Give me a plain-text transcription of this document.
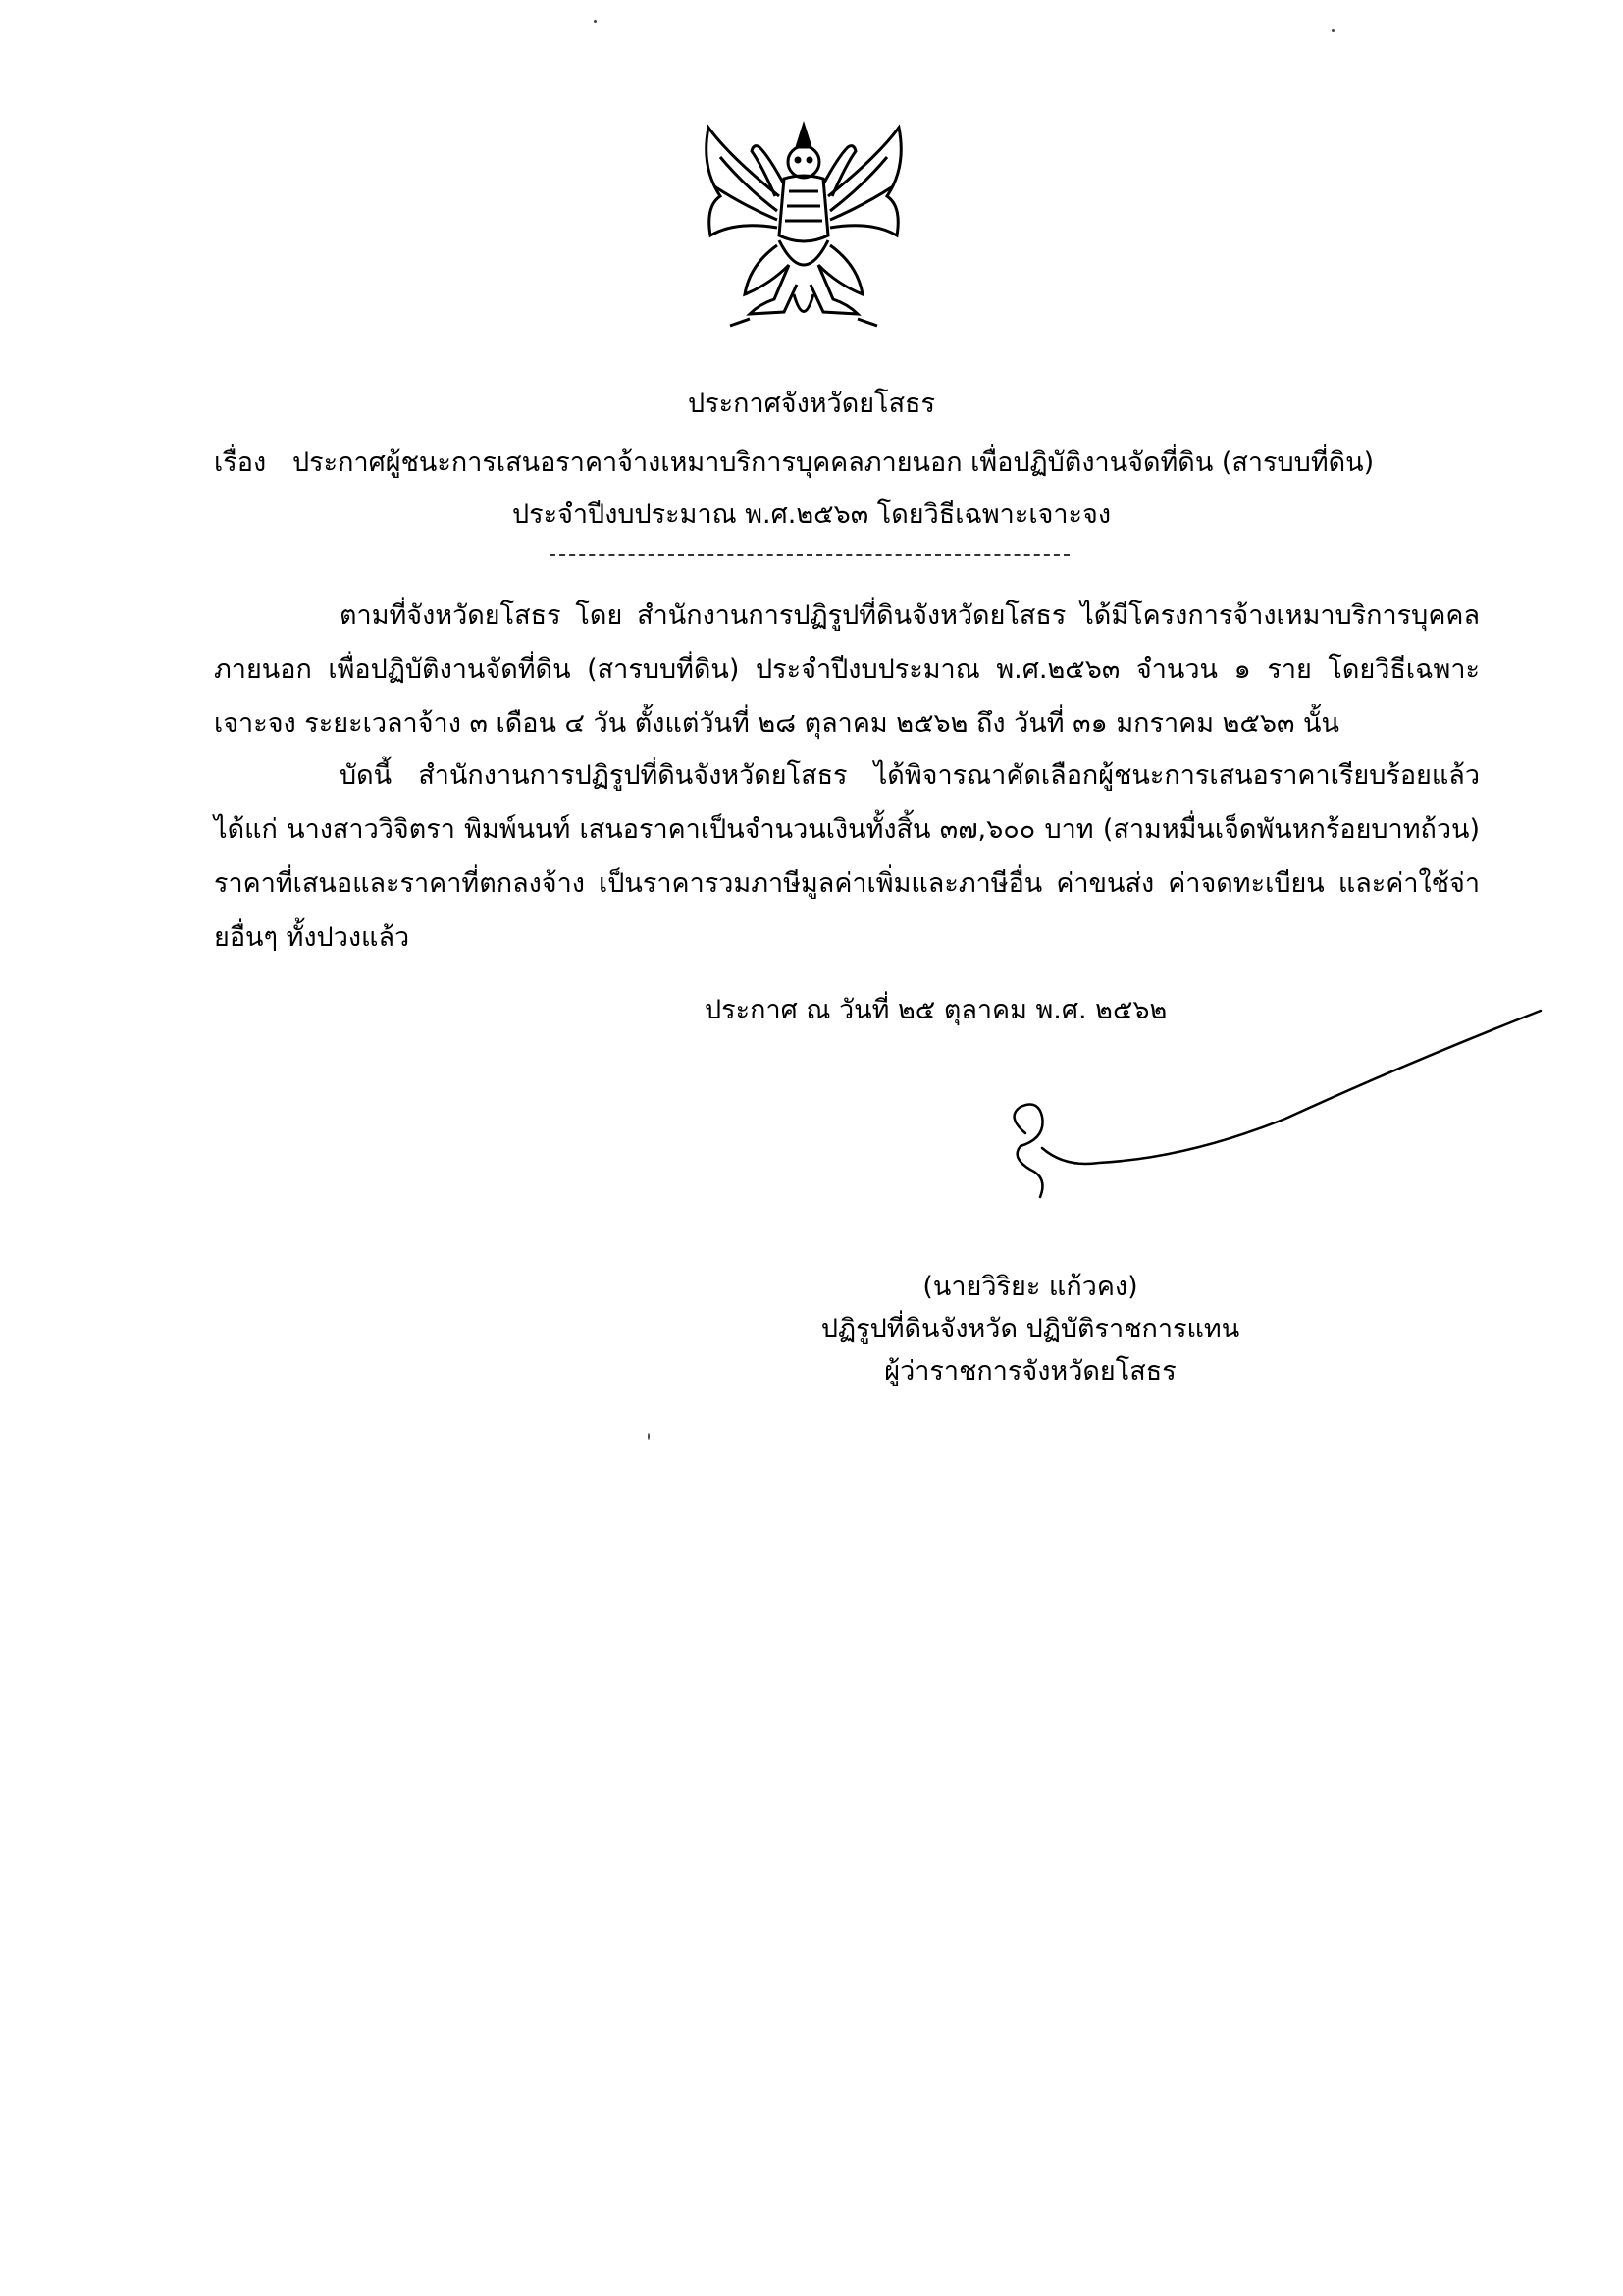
ประกาศจังหวัดยโสธร
เรื่อง ประกาศผู้ชนะการเสนอราคาจ้างเหมาบริการบุคคลภายนอก เพื่อปฏิบัติงานจัดที่ดิน (สารบบที่ดิน)
ประจำปีงบประมาณ พ.ศ.๒๕๖๓ โดยวิธีเฉพาะเจาะจง
ตามที่จังหวัดยโสธร โดย สำนักงานการปฏิรูปที่ดินจังหวัดยโสธร ได้มีโครงการจ้างเหมาบริการบุคคลภายนอก เพื่อปฏิบัติงานจัดที่ดิน (สารบบที่ดิน) ประจำปีงบประมาณ พ.ศ.๒๕๖๓ จำนวน ๑ ราย โดยวิธีเฉพาะเจาะจง ระยะเวลาจ้าง ๓ เดือน ๔ วัน ตั้งแต่วันที่ ๒๘ ตุลาคม ๒๕๖๒ ถึง วันที่ ๓๑ มกราคม ๒๕๖๓ นั้น
บัดนี้ สำนักงานการปฏิรูปที่ดินจังหวัดยโสธร ได้พิจารณาคัดเลือกผู้ชนะการเสนอราคาเรียบร้อยแล้ว ได้แก่ นางสาววิจิตรา พิมพ์นนท์ เสนอราคาเป็นจำนวนเงินทั้งสิ้น ๓๗,๖๐๐ บาท (สามหมื่นเจ็ดพันหกร้อยบาทถ้วน) ราคาที่เสนอและราคาที่ตกลงจ้าง เป็นราคารวมภาษีมูลค่าเพิ่มและภาษีอื่น ค่าขนส่ง ค่าจดทะเบียน และค่าใช้จ่ายอื่นๆ ทั้งปวงแล้ว
ประกาศ ณ วันที่ ๒๕ ตุลาคม พ.ศ. ๒๕๖๒
(นายวิริยะ แก้วคง)
ปฏิรูปที่ดินจังหวัด ปฏิบัติราชการแทน
ผู้ว่าราชการจังหวัดยโสธร
